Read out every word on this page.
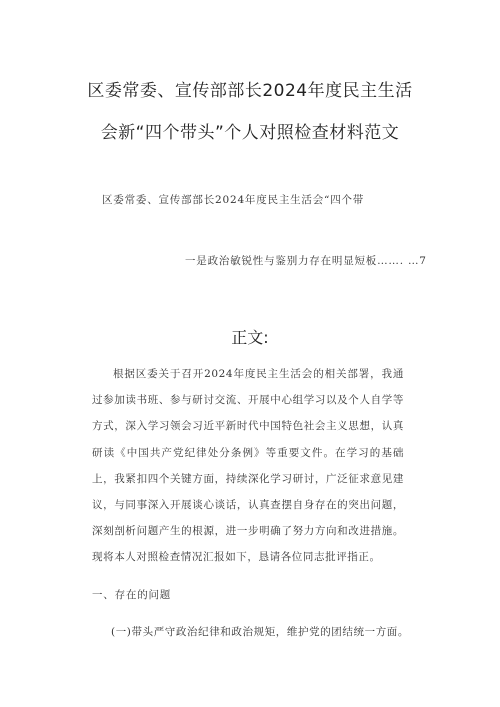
区委常委、宣传部部长2024年度民主生活
会新“四个带头”个人对照检查材料范文
区委常委、宣传部部长2024年度民主生活会“四个带
一是政治敏锐性与鉴别力存在明显短板……. …7
正文:
根据区委关于召开2024年度民主生活会的相关部署，我通过参加读书班、参与研讨交流、开展中心组学习以及个人自学等方式，深入学习领会习近平新时代中国特色社会主义思想，认真研读《中国共产党纪律处分条例》等重要文件。在学习的基础上，我紧扣四个关键方面，持续深化学习研讨，广泛征求意见建议，与同事深入开展谈心谈话，认真查摆自身存在的突出问题，深刻剖析问题产生的根源，进一步明确了努力方向和改进措施。现将本人对照检查情况汇报如下，恳请各位同志批评指正。
一、存在的问题
(一)带头严守政治纪律和政治规矩，维护党的团结统一方面。
